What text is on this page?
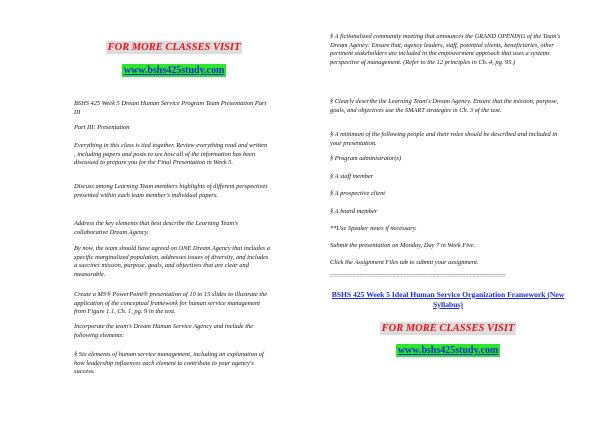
FOR MORE CLASSES VISIT
www.bshs425study.com

BSHS 425 Week 5 Dream Human Service Program Team Presentation Part III

Part III: Presentation

Everything in this class is tied together. Review everything read and written , including papers and posts to see how all of the information has been discussed to prepare you for the Final Presentation in Week 5.

Discuss among Learning Team members highlights of different perspectives presented within each team member's individual papers.

Address the key elements that best describe the Learning Team's collaborative Dream Agency.

By now, the team should have agreed on ONE Dream Agency that includes a specific marginalized population, addresses issues of diversity, and includes a succinct mission, purpose, goals, and objectives that are clear and measurable.

Create a MS® PowerPoint® presentation of 10 to 15 slides to illustrate the application of the conceptual framework for human service management from Figure 1.1, Ch. 1, pg. 9 in the text.

Incorporate the team's Dream Human Service Agency and include the following elements:

§ Six elements of human service management, including an explanation of how leadership influences each element to contribute to your agency's success.

§ A fictionalized community meeting that announces the GRAND OPENING of the Team's Dream Agency: Ensure that, agency leaders, staff, potential clients, beneficiaries, other pertinent stakeholders are included in the empowerment approach that uses a systems perspective of management. (Refer to the 12 principles in Ch. 4, pg. 95.)

§ Clearly describe the Learning Team's Dream Agency. Ensure that the mission, purpose, goals, and objectives use the SMART strategies in Ch. 3 of the text.

§ A minimum of the following people and their roles should be described and included in your presentation.

§ Program administrator(s)

§ A staff member

§ A prospective client

§ A board member

**Use Speaker notes if necessary.

Submit the presentation on Monday, Day 7 in Week Five.

Click the Assignment Files tab to submit your assignment.

================================================
BSHS 425 Week 5 Ideal Human Service Organization Framework (New Syllabus)
FOR MORE CLASSES VISIT
www.bshs425study.com
